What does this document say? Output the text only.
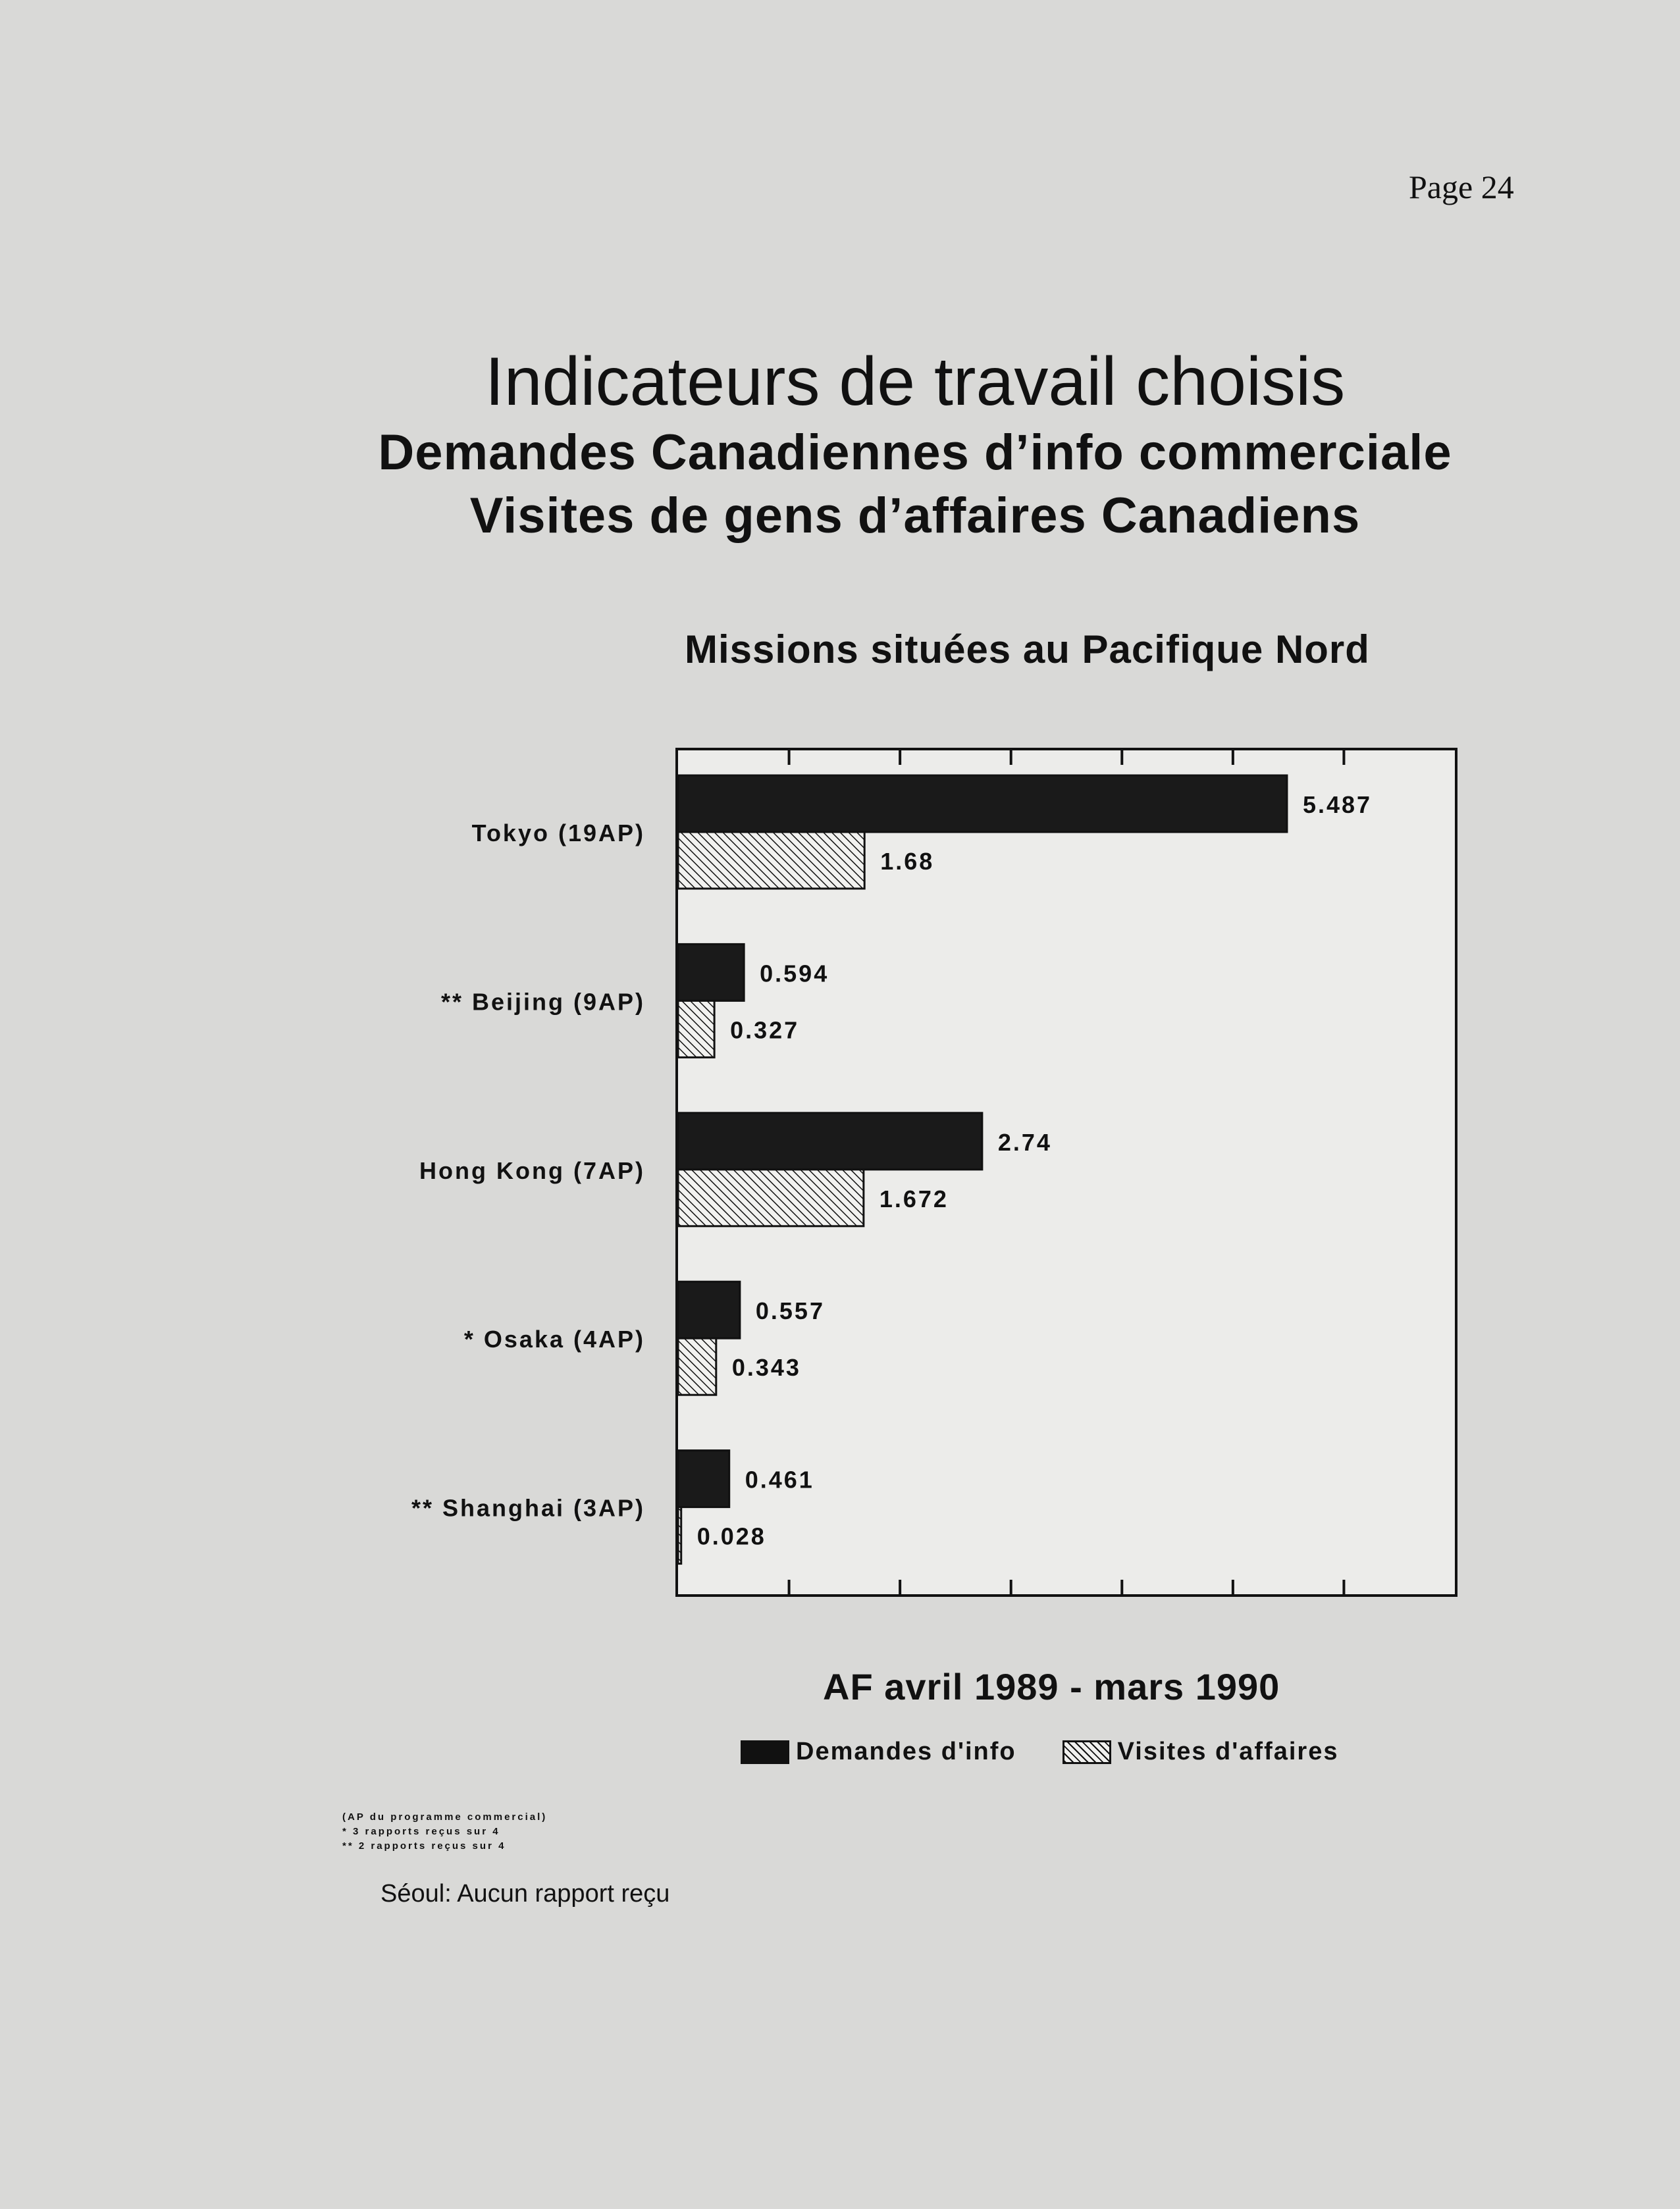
Page 24
Indicateurs de travail choisis
Demandes Canadiennes d’info commerciale
Visites de gens d’affaires Canadiens
Missions situées au Pacifique Nord
Tokyo (19AP)
5.487
1.68
** Beijing (9AP)
0.594
0.327
Hong Kong (7AP)
2.74
1.672
* Osaka (4AP)
0.557
0.343
** Shanghai (3AP)
0.461
0.028
AF avril 1989 - mars 1990
Demandes d'info	Visites d'affaires
(AP du programme commercial)
* 3 rapports reçus sur 4
** 2 rapports reçus sur 4
Séoul: Aucun rapport reçu
